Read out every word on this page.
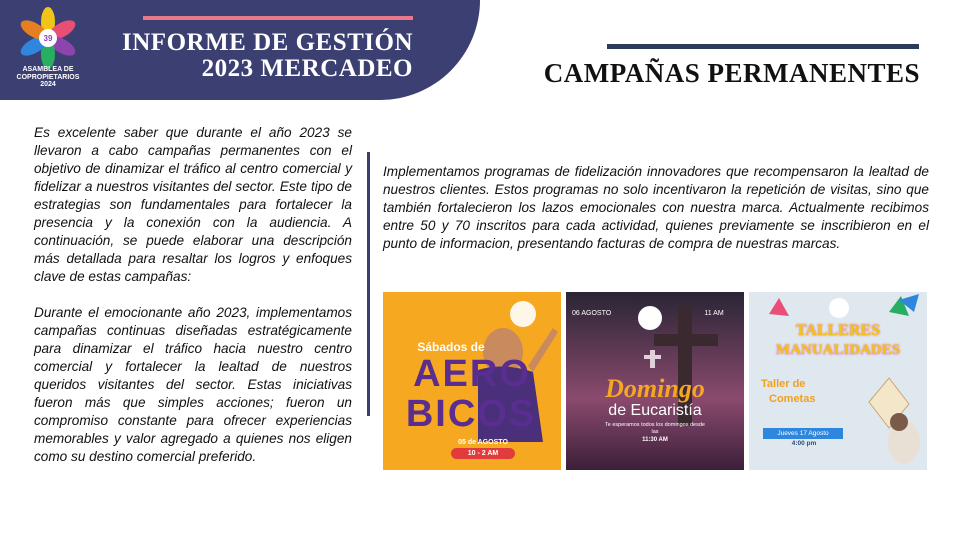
INFORME DE GESTIÓN
2023 MERCADEO
39
ASAMBLEA DE
COPROPIETARIOS
2024	CAMPAÑAS PERMANENTES

Es excelente saber que durante el año 2023 se llevaron a cabo campañas permanentes con el objetivo de dinamizar el tráfico al centro comercial y fidelizar a nuestros visitantes del sector. Este tipo de estrategias son fundamentales para fortalecer la presencia y la conexión con la audiencia. A continuación, se puede elaborar una descripción más detallada para resaltar los logros y enfoques clave de estas campañas:

Durante el emocionante año 2023, implementamos campañas continuas diseñadas estratégicamente para dinamizar el tráfico hacia nuestro centro comercial y fortalecer la lealtad de nuestros queridos visitantes del sector. Estas iniciativas fueron más que simples acciones; fueron un compromiso constante para ofrecer experiencias memorables y valor agregado a quienes nos eligen como su destino comercial preferido.

Implementamos programas de fidelización innovadores que recompensaron la lealtad de nuestros clientes. Estos programas no solo incentivaron la repetición de visitas, sino que también fortalecieron los lazos emocionales con nuestra marca. Actualmente recibimos entre 50 y 70 inscritos para cada actividad, quienes previamente se inscribieron en el punto de informacion, presentando facturas de compra de nuestras marcas.
Sábados de
AERO
BICOS
05 de AGOSTO
10 - 2 AM
06 AGOSTO	11 AM
Domingo
de Eucaristía
Te esperamos todos los domingos desde las
11:30 AM
TALLERES
MANUALIDADES
Taller de
Cometas
Jueves 17 Agosto
4:00 pm
